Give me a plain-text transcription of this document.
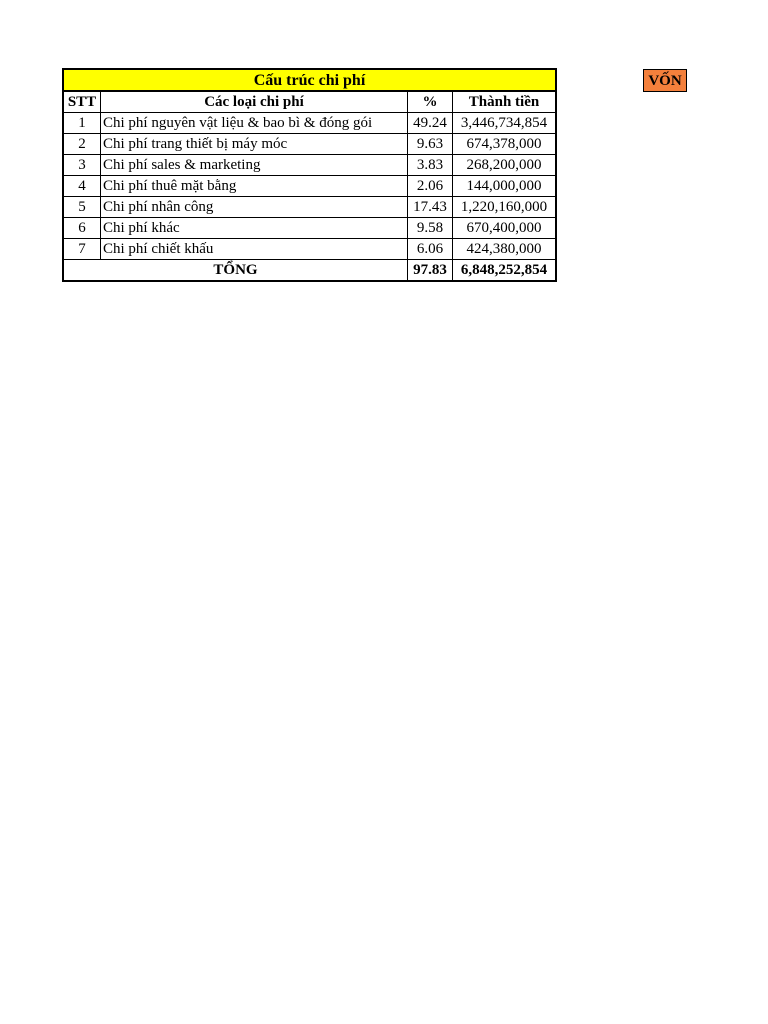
Cấu trúc chi phí			
STT	Các loại chi phí	%	Thành tiền
1	Chi phí nguyên vật liệu & bao bì & đóng gói	49.24	3,446,734,854
2	Chi phí trang thiết bị máy móc	9.63	674,378,000
3	Chi phí sales & marketing	3.83	268,200,000
4	Chi phí thuê mặt bằng	2.06	144,000,000
5	Chi phí nhân công	17.43	1,220,160,000
6	Chi phí khác	9.58	670,400,000
7	Chi phí chiết khấu	6.06	424,380,000
TỔNG		97.83	6,848,252,854
VỐN
